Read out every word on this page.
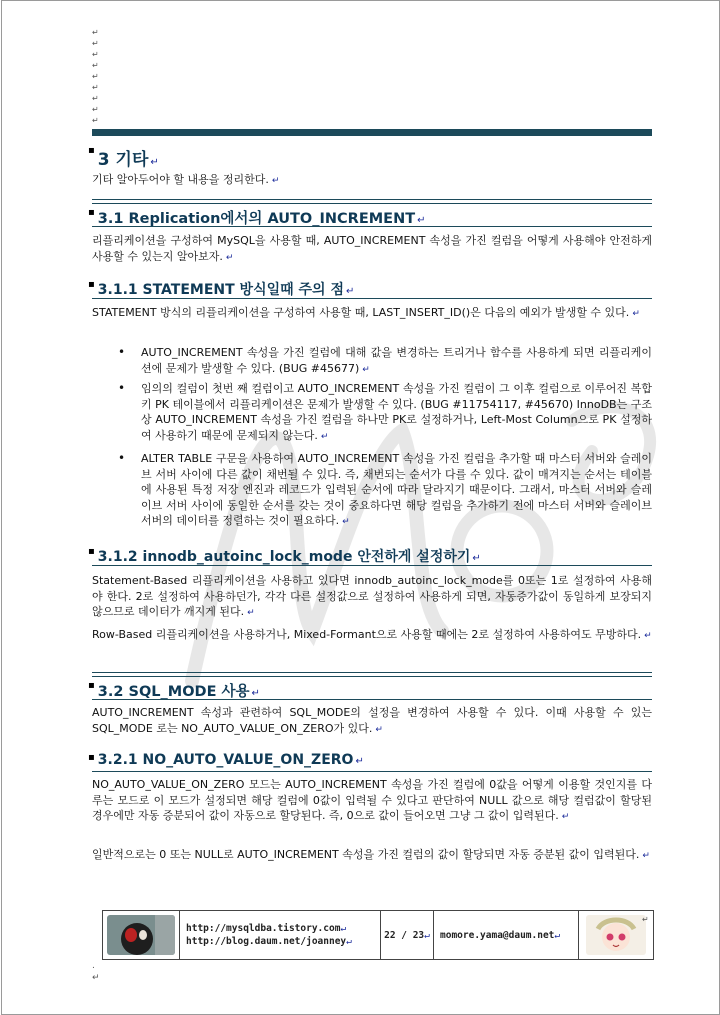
↵
↵
↵
↵
↵
↵
↵
↵
↵
▪ 3 기타 ↵
기타 알아두어야 할 내용을 정리한다. ↵
▪ 3.1 Replication에서의 AUTO_INCREMENT ↵
리플리케이션을 구성하여 MySQL을 사용할 때, AUTO_INCREMENT 속성을 가진 컬럼을 어떻게 사용해야 안전하게 사용할 수 있는지 알아보자. ↵
▪ 3.1.1 STATEMENT 방식일때 주의 점 ↵
STATEMENT 방식의 리플리케이션을 구성하여 사용할 때, LAST_INSERT_ID()은 다음의 예외가 발생할 수 있다. ↵
• AUTO_INCREMENT 속성을 가진 컬럼에 대해 값을 변경하는 트리거나 함수를 사용하게 되면 리플리케이션에 문제가 발생할 수 있다. (BUG #45677) ↵
• 임의의 컬럼이 첫번 째 컬럼이고 AUTO_INCREMENT 속성을 가진 컬럼이 그 이후 컬럼으로 이루어진 복합키 PK 테이블에서 리플리케이션은 문제가 발생할 수 있다. (BUG #11754117, #45670) InnoDB는 구조 상 AUTO_INCREMENT 속성을 가진 컬럼을 하나만 PK로 설정하거나, Left-Most Column으로 PK 설정하여 사용하기 때문에 문제되지 않는다. ↵
• ALTER TABLE 구문을 사용하여 AUTO_INCREMENT 속성을 가진 컬럼을 추가할 때 마스터 서버와 슬레이브 서버 사이에 다른 값이 채번될 수 있다. 즉, 채번되는 순서가 다를 수 있다. 값이 매겨지는 순서는 테이블에 사용된 특정 저장 엔진과 레코드가 입력된 순서에 따라 달라지기 때문이다. 그래서, 마스터 서버와 슬레이브 서버 사이에 동일한 순서를 갖는 것이 중요하다면 해당 컬럼을 추가하기 전에 마스터 서버와 슬레이브 서버의 데이터를 정렬하는 것이 필요하다. ↵
▪ 3.1.2 innodb_autoinc_lock_mode 안전하게 설정하기 ↵
Statement-Based 리플리케이션을 사용하고 있다면 innodb_autoinc_lock_mode를 0또는 1로 설정하여 사용해야 한다. 2로 설정하여 사용하던가, 각각 다른 설정값으로 설정하여 사용하게 되면, 자동증가값이 동일하게 보장되지 않으므로 데이터가 깨지게 된다. ↵
Row-Based 리플리케이션을 사용하거나, Mixed-Formant으로 사용할 때에는 2로 설정하여 사용하여도 무방하다. ↵
▪ 3.2 SQL_MODE 사용 ↵
AUTO_INCREMENT 속성과 관련하여 SQL_MODE의 설정을 변경하여 사용할 수 있다. 이때 사용할 수 있는 SQL_MODE 로는 NO_AUTO_VALUE_ON_ZERO가 있다. ↵
▪ 3.2.1 NO_AUTO_VALUE_ON_ZERO ↵
NO_AUTO_VALUE_ON_ZERO 모드는 AUTO_INCREMENT 속성을 가진 컬럼에 0값을 어떻게 이용할 것인지를 다루는 모드로 이 모드가 설정되면 해당 컬럼에 0값이 입력될 수 있다고 판단하여 NULL 값으로 해당 컬럼값이 할당된 경우에만 자동 증분되어 값이 자동으로 할당된다. 즉, 0으로 값이 들어오면 그냥 그 값이 입력된다. ↵
일반적으로는 0 또는 NULL로 AUTO_INCREMENT 속성을 가진 컬럼의 값이 할당되면 자동 증분된 값이 입력된다. ↵
http://mysqldba.tistory.com↵
http://blog.daum.net/joanney↵
22 / 23↵ momore.yama@daum.net↵
↵
.
↵
